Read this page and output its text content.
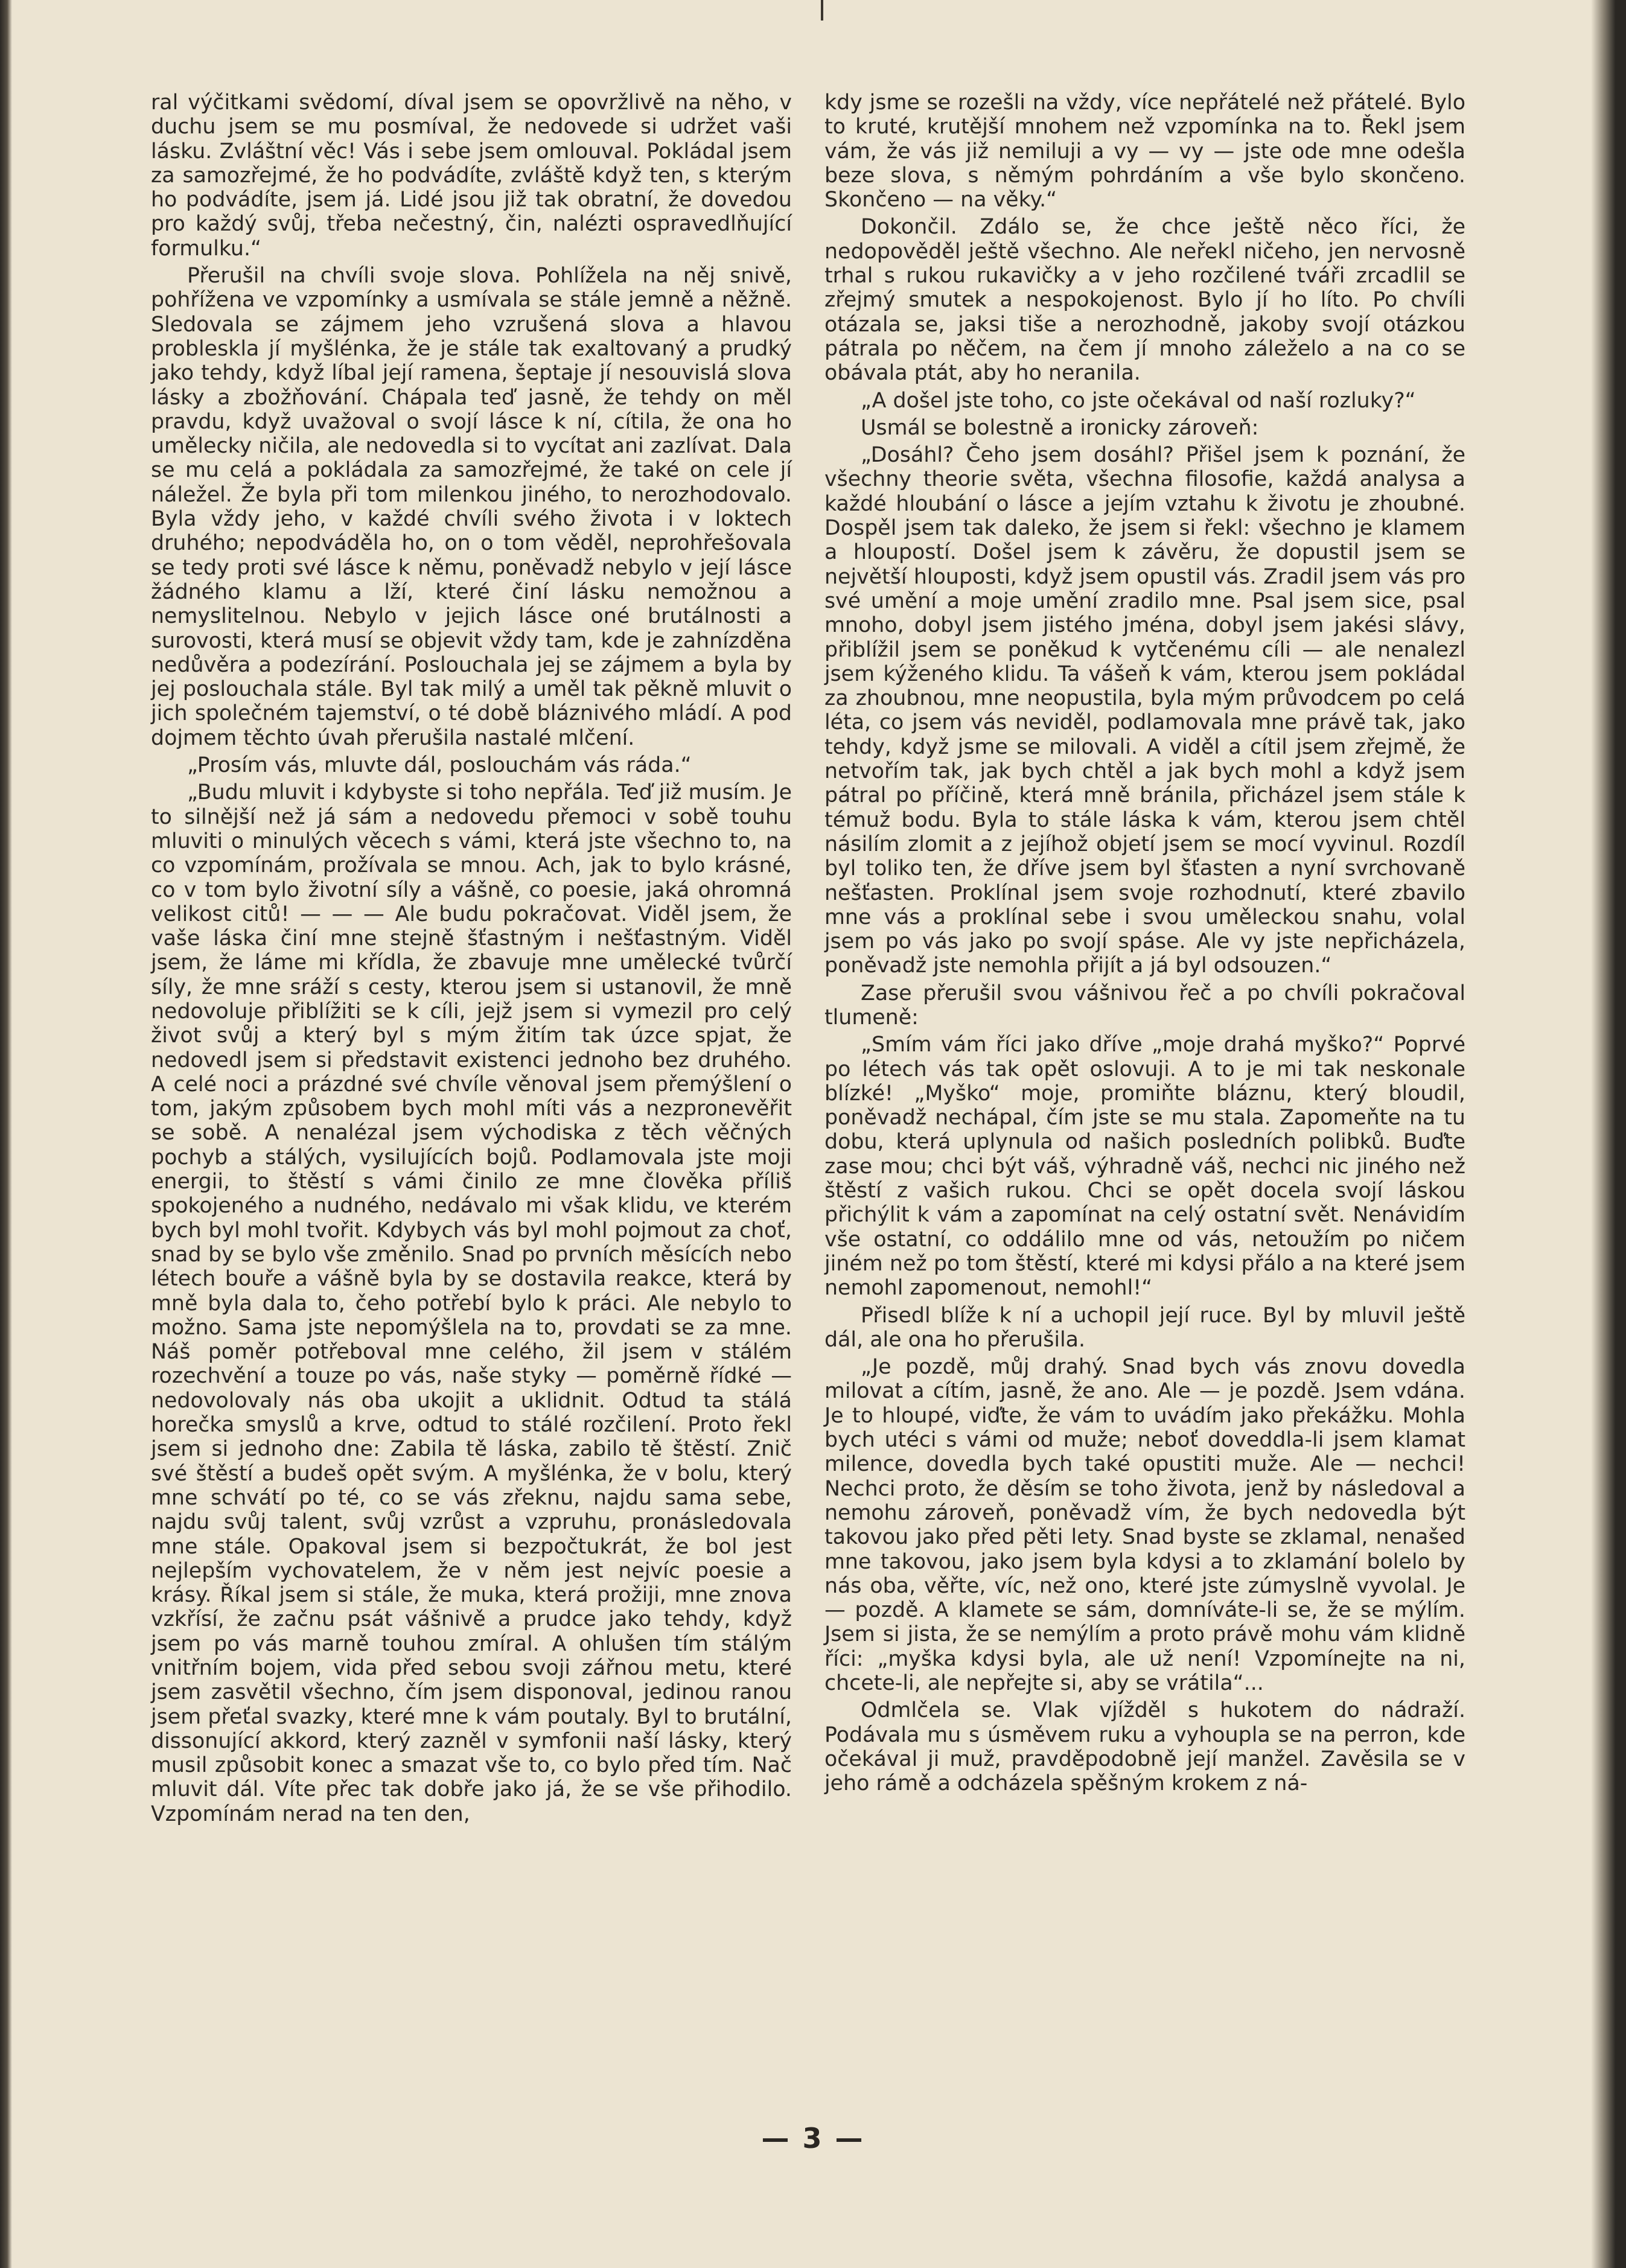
ral výčitkami svědomí, díval jsem se opovržlivě na něho, v duchu jsem se mu posmíval, že nedovede si udržet vaši lásku. Zvláštní věc! Vás i sebe jsem omlouval. Pokládal jsem za samozřejmé, že ho podvádíte, zvláště když ten, s kterým ho podvádíte, jsem já. Lidé jsou již tak obratní, že dovedou pro každý svůj, třeba nečestný, čin, nalézti ospravedlňující formulku.“

Přerušil na chvíli svoje slova. Pohlížela na něj snivě, pohřížena ve vzpomínky a usmívala se stále jemně a něžně. Sledovala se zájmem jeho vzrušená slova a hlavou probleskla jí myšlénka, že je stále tak exaltovaný a prudký jako tehdy, když líbal její ramena, šeptaje jí nesouvislá slova lásky a zbožňování. Chápala teď jasně, že tehdy on měl pravdu, když uvažoval o svojí lásce k ní, cítila, že ona ho umělecky ničila, ale nedovedla si to vycítat ani zazlívat. Dala se mu celá a pokládala za samozřejmé, že také on cele jí náležel. Že byla při tom milenkou jiného, to nerozhodovalo. Byla vždy jeho, v každé chvíli svého života i v loktech druhého; nepodváděla ho, on o tom věděl, neprohřešovala se tedy proti své lásce k němu, poněvadž nebylo v její lásce žádného klamu a lží, které činí lásku nemožnou a nemyslitelnou. Nebylo v jejich lásce oné brutálnosti a surovosti, která musí se objevit vždy tam, kde je zahnízděna nedůvěra a podezírání. Poslouchala jej se zájmem a byla by jej poslouchala stále. Byl tak milý a uměl tak pěkně mluvit o jich společném tajemství, o té době bláznivého mládí. A pod dojmem těchto úvah přerušila nastalé mlčení.

„Prosím vás, mluvte dál, poslouchám vás ráda.“

„Budu mluvit i kdybyste si toho nepřála. Teď již musím. Je to silnější než já sám a nedovedu přemoci v sobě touhu mluviti o minulých věcech s vámi, která jste všechno to, na co vzpomínám, prožívala se mnou. Ach, jak to bylo krásné, co v tom bylo životní síly a vášně, co poesie, jaká ohromná velikost citů! — — — Ale budu pokračovat. Viděl jsem, že vaše láska činí mne stejně šťastným i nešťastným. Viděl jsem, že láme mi křídla, že zbavuje mne umělecké tvůrčí síly, že mne sráží s cesty, kterou jsem si ustanovil, že mně nedovoluje přiblížiti se k cíli, jejž jsem si vymezil pro celý život svůj a který byl s mým žitím tak úzce spjat, že nedovedl jsem si představit existenci jednoho bez druhého. A celé noci a prázdné své chvíle věnoval jsem přemýšlení o tom, jakým způsobem bych mohl míti vás a nezpronevěřit se sobě. A nenalézal jsem východiska z těch věčných pochyb a stálých, vysilujících bojů. Podlamovala jste moji energii, to štěstí s vámi činilo ze mne člověka příliš spokojeného a nudného, nedávalo mi však klidu, ve kterém bych byl mohl tvořit. Kdybych vás byl mohl pojmout za choť, snad by se bylo vše změnilo. Snad po prvních měsících nebo létech bouře a vášně byla by se dostavila reakce, která by mně byla dala to, čeho potřebí bylo k práci. Ale nebylo to možno. Sama jste nepomýšlela na to, provdati se za mne. Náš poměr potřeboval mne celého, žil jsem v stálém rozechvění a touze po vás, naše styky — poměrně řídké — nedovolovaly nás oba ukojit a uklidnit. Odtud ta stálá horečka smyslů a krve, odtud to stálé rozčilení. Proto řekl jsem si jednoho dne: Zabila tě láska, zabilo tě štěstí. Znič své štěstí a budeš opět svým. A myšlénka, že v bolu, který mne schvátí po té, co se vás zřeknu, najdu sama sebe, najdu svůj talent, svůj vzrůst a vzpruhu, pronásledovala mne stále. Opakoval jsem si bezpočtukrát, že bol jest nejlepším vychovatelem, že v něm jest nejvíc poesie a krásy. Říkal jsem si stále, že muka, která prožiji, mne znova vzkřísí, že začnu psát vášnivě a prudce jako tehdy, když jsem po vás marně touhou zmíral. A ohlušen tím stálým vnitřním bojem, vida před sebou svoji zářnou metu, které jsem zasvětil všechno, čím jsem disponoval, jedinou ranou jsem přeťal svazky, které mne k vám poutaly. Byl to brutální, dissonující akkord, který zazněl v symfonii naší lásky, který musil způsobit konec a smazat vše to, co bylo před tím. Nač mluvit dál. Víte přec tak dobře jako já, že se vše přihodilo. Vzpomínám nerad na ten den,

kdy jsme se rozešli na vždy, více nepřátelé než přátelé. Bylo to kruté, krutější mnohem než vzpomínka na to. Řekl jsem vám, že vás již nemiluji a vy — vy — jste ode mne odešla beze slova, s němým pohrdáním a vše bylo skončeno. Skončeno — na věky.“

Dokončil. Zdálo se, že chce ještě něco říci, že nedopověděl ještě všechno. Ale neřekl ničeho, jen nervosně trhal s rukou rukavičky a v jeho rozčilené tváři zrcadlil se zřejmý smutek a nespokojenost. Bylo jí ho líto. Po chvíli otázala se, jaksi tiše a nerozhodně, jakoby svojí otázkou pátrala po něčem, na čem jí mnoho záleželo a na co se obávala ptát, aby ho neranila.

„A došel jste toho, co jste očekával od naší rozluky?“

Usmál se bolestně a ironicky zároveň:

„Dosáhl? Čeho jsem dosáhl? Přišel jsem k poznání, že všechny theorie světa, všechna filosofie, každá analysa a každé hloubání o lásce a jejím vztahu k životu je zhoubné. Dospěl jsem tak daleko, že jsem si řekl: všechno je klamem a hloupostí. Došel jsem k závěru, že dopustil jsem se největší hlouposti, když jsem opustil vás. Zradil jsem vás pro své umění a moje umění zradilo mne. Psal jsem sice, psal mnoho, dobyl jsem jistého jména, dobyl jsem jakési slávy, přiblížil jsem se poněkud k vytčenému cíli — ale nenalezl jsem kýženého klidu. Ta vášeň k vám, kterou jsem pokládal za zhoubnou, mne neopustila, byla mým průvodcem po celá léta, co jsem vás neviděl, podlamovala mne právě tak, jako tehdy, když jsme se milovali. A viděl a cítil jsem zřejmě, že netvořím tak, jak bych chtěl a jak bych mohl a když jsem pátral po příčině, která mně bránila, přicházel jsem stále k témuž bodu. Byla to stále láska k vám, kterou jsem chtěl násilím zlomit a z jejíhož objetí jsem se mocí vyvinul. Rozdíl byl toliko ten, že dříve jsem byl šťasten a nyní svrchovaně nešťasten. Proklínal jsem svoje rozhodnutí, které zbavilo mne vás a proklínal sebe i svou uměleckou snahu, volal jsem po vás jako po svojí spáse. Ale vy jste nepřicházela, poněvadž jste nemohla přijít a já byl odsouzen.“

Zase přerušil svou vášnivou řeč a po chvíli pokračoval tlumeně:

„Smím vám říci jako dříve „moje drahá myško?“ Poprvé po létech vás tak opět oslovuji. A to je mi tak neskonale blízké! „Myško“ moje, promiňte bláznu, který bloudil, poněvadž nechápal, čím jste se mu stala. Zapomeňte na tu dobu, která uplynula od našich posledních polibků. Buďte zase mou; chci být váš, výhradně váš, nechci nic jiného než štěstí z vašich rukou. Chci se opět docela svojí láskou přichýlit k vám a zapomínat na celý ostatní svět. Nenávidím vše ostatní, co oddálilo mne od vás, netoužím po ničem jiném než po tom štěstí, které mi kdysi přálo a na které jsem nemohl zapomenout, nemohl!“

Přisedl blíže k ní a uchopil její ruce. Byl by mluvil ještě dál, ale ona ho přerušila.

„Je pozdě, můj drahý. Snad bych vás znovu dovedla milovat a cítím, jasně, že ano. Ale — je pozdě. Jsem vdána. Je to hloupé, viďte, že vám to uvádím jako překážku. Mohla bych utéci s vámi od muže; neboť doveddla-li jsem klamat milence, dovedla bych také opustiti muže. Ale — nechci! Nechci proto, že děsím se toho života, jenž by následoval a nemohu zároveň, poněvadž vím, že bych nedovedla být takovou jako před pěti lety. Snad byste se zklamal, nenašed mne takovou, jako jsem byla kdysi a to zklamání bolelo by nás oba, věřte, víc, než ono, které jste zúmyslně vyvolal. Je — pozdě. A klamete se sám, domníváte-li se, že se mýlím. Jsem si jista, že se nemýlím a proto právě mohu vám klidně říci: „myška kdysi byla, ale už není! Vzpomínejte na ni, chcete-li, ale nepřejte si, aby se vrátila“...

Odmlčela se. Vlak vjížděl s hukotem do nádraží. Podávala mu s úsměvem ruku a vyhoupla se na perron, kde očekával ji muž, pravděpodobně její manžel. Zavěsila se v jeho rámě a odcházela spěšným krokem z ná-

— 3 —
